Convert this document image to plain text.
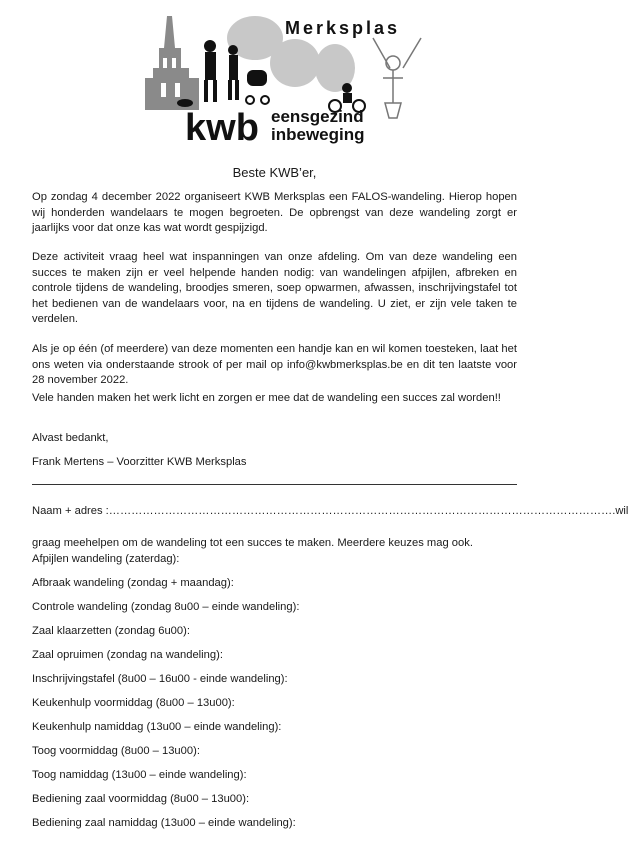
Merksplas
kwb eensgezind
inbeweging
Beste KWB’er,
Op zondag 4 december 2022 organiseert KWB Merksplas een FALOS-wandeling. Hierop hopen wij honderden wandelaars te mogen begroeten. De opbrengst van deze wandeling zorgt er jaarlijks voor dat onze kas wat wordt gespijzigd.
Deze activiteit vraag heel wat inspanningen van onze afdeling. Om van deze wandeling een succes te maken zijn er veel helpende handen nodig: van wandelingen afpijlen, afbreken en controle tijdens de wandeling, broodjes smeren, soep opwarmen, afwassen, inschrijvingstafel tot het bedienen van de wandelaars voor, na en tijdens de wandeling. U ziet, er zijn vele taken te verdelen.
Als je op één (of meerdere) van deze momenten een handje kan en wil komen toesteken, laat het ons weten via onderstaande strook of per mail op info@kwbmerksplas.be en dit ten laatste voor 28 november 2022.
Vele handen maken het werk licht en zorgen er mee dat de wandeling een succes zal worden!!
Alvast bedankt,
Frank Mertens – Voorzitter KWB Merksplas
Naam + adres :……………………………………………………………………………………………………………………….wil
graag meehelpen om de wandeling tot een succes te maken. Meerdere keuzes mag ook.
Afpijlen wandeling (zaterdag):
Afbraak wandeling (zondag + maandag):
Controle wandeling (zondag 8u00 – einde wandeling):
Zaal klaarzetten (zondag 6u00):
Zaal opruimen (zondag na wandeling):
Inschrijvingstafel (8u00 – 16u00 - einde wandeling):
Keukenhulp voormiddag (8u00 – 13u00):
Keukenhulp namiddag (13u00 – einde wandeling):
Toog voormiddag (8u00 – 13u00):
Toog namiddag (13u00 – einde wandeling):
Bediening zaal voormiddag (8u00 – 13u00):
Bediening zaal namiddag (13u00 – einde wandeling):
